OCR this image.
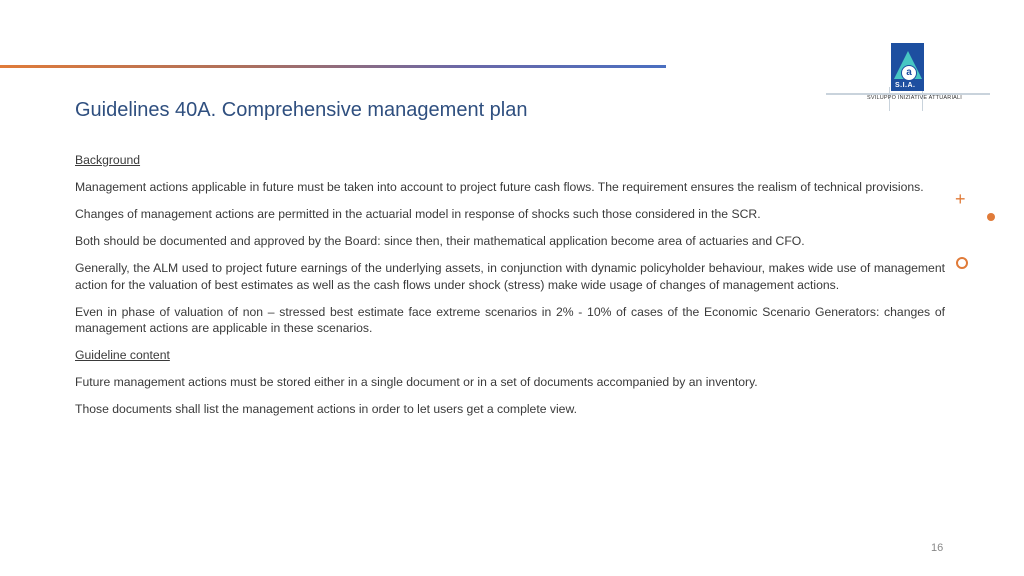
Guidelines 40A. Comprehensive management plan
a
S.I.A.
SVILUPPO INIZIATIVE ATTUARIALI

Background

Management actions applicable in future must be taken into account to project future cash flows. The requirement ensures the realism of technical provisions.

Changes of management actions are permitted in the actuarial model in response of shocks such those considered in the SCR.

Both should be documented and approved by the Board: since then, their mathematical application become area of actuaries and CFO.

Generally, the ALM used to project future earnings of the underlying assets, in conjunction with dynamic policyholder behaviour, makes wide use of management action for the valuation of best estimates as well as the cash flows under shock (stress) make wide usage of changes of management actions.

Even in phase of valuation of non – stressed best estimate face extreme scenarios in 2% - 10% of cases of the Economic Scenario Generators: changes of management actions are applicable in these scenarios.

Guideline content

Future management actions must be stored either in a single document or in a set of documents accompanied by an inventory.

Those documents shall list the management actions in order to let users get a complete view.

+
16
